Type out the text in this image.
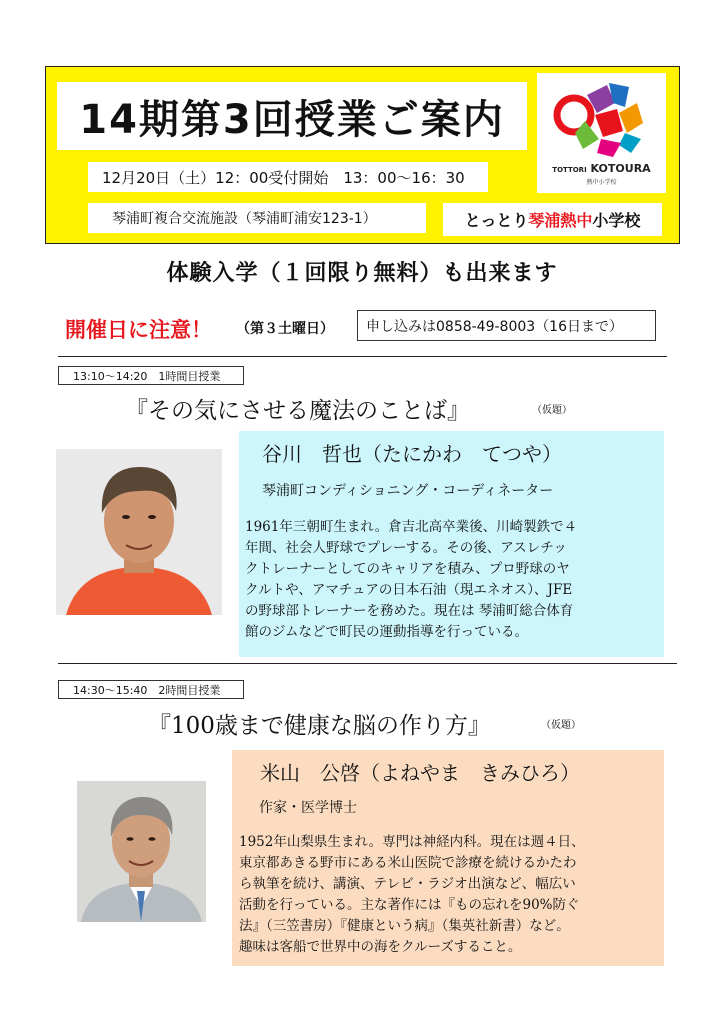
14期第3回授業ご案内
12月20日（土）12：00受付開始　13：00～16：30
琴浦町複合交流施設（琴浦町浦安123-1）	とっとり 琴浦熱中 小学校
TOTTORI KOTOURA
熱中小学校
体験入学（１回限り無料）も出来ます
開催日に注意！ （第３土曜日）	申し込みは0858-49-8003（16日まで）
13:10～14:20　1時間目授業
『その気にさせる魔法のことば』	（仮題）
谷川　哲也（たにかわ　てつや）
琴浦町コンディショニング・コーディネーター
1961年三朝町生まれ。倉吉北高卒業後、川崎製鉄で４
年間、社会人野球でプレーする。その後、アスレチッ
クトレーナーとしてのキャリアを積み、プロ野球のヤ
クルトや、アマチュアの日本石油（現エネオス）、JFE
の野球部トレーナーを務めた。現在は 琴浦町総合体育
館のジムなどで町民の運動指導を行っている。
14:30～15:40　2時間目授業
『100歳まで健康な脳の作り方』	（仮題）
米山　公啓（よねやま　きみひろ）
作家・医学博士
1952年山梨県生まれ。専門は神経内科。現在は週４日、
東京都あきる野市にある米山医院で診療を続けるかたわ
ら執筆を続け、講演、テレビ・ラジオ出演など、幅広い
活動を行っている。主な著作には『もの忘れを90%防ぐ
法』（三笠書房）『健康という病』（集英社新書）など。
趣味は客船で世界中の海をクルーズすること。
